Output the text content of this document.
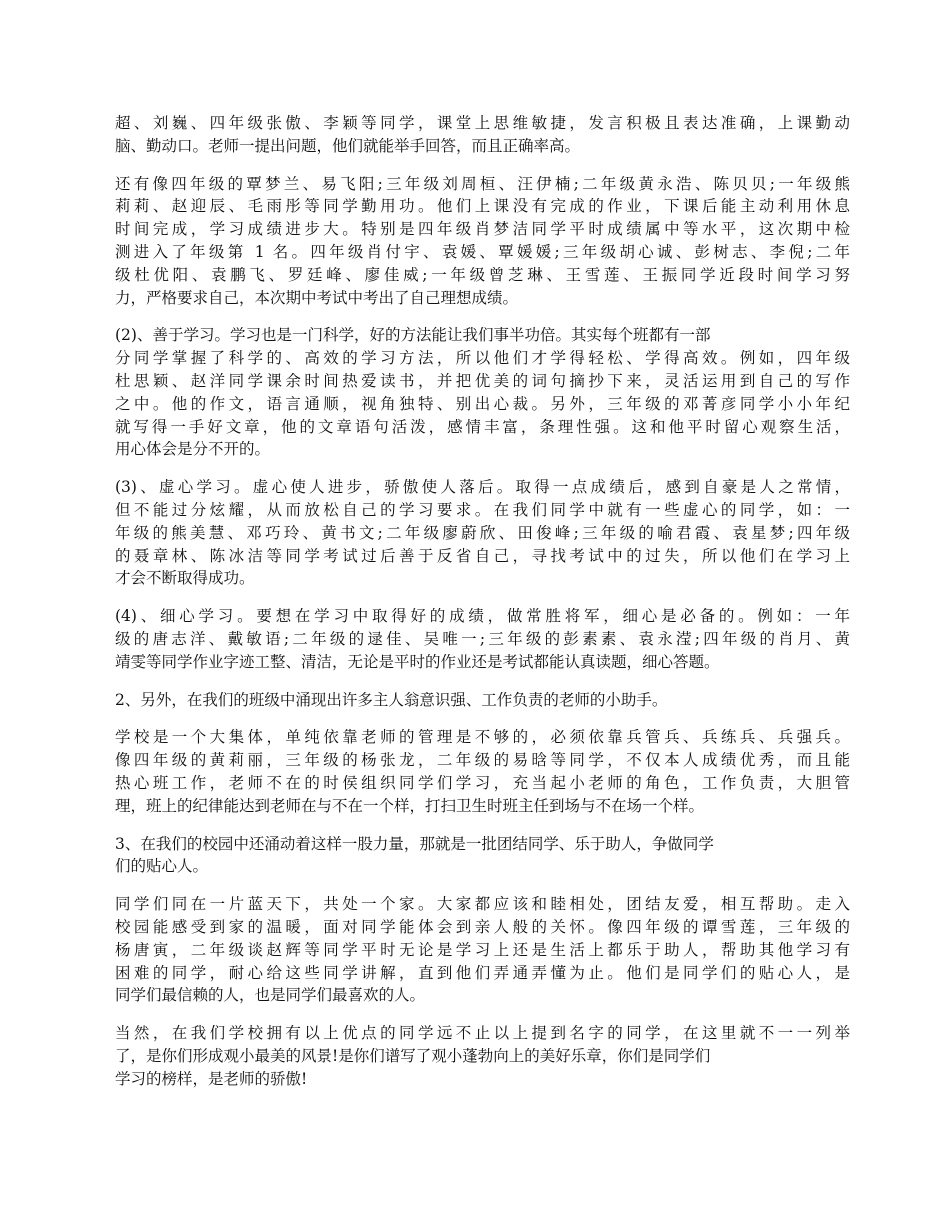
超、刘巍、四年级张傲、李颖等同学，课堂上思维敏捷，发言积极且表达准确，上课勤动
脑、勤动口。老师一提出问题，他们就能举手回答，而且正确率高。
还有像四年级的覃梦兰、易飞阳;三年级刘周桓、汪伊楠;二年级黄永浩、陈贝贝;一年级熊
莉莉、赵迎辰、毛雨彤等同学勤用功。他们上课没有完成的作业，下课后能主动利用休息
时间完成，学习成绩进步大。特别是四年级肖梦洁同学平时成绩属中等水平，这次期中检
测进入了年级第 1 名。四年级肖付宇、袁媛、覃媛媛;三年级胡心诚、彭树志、李倪;二年
级杜优阳、袁鹏飞、罗廷峰、廖佳威;一年级曾芝琳、王雪莲、王振同学近段时间学习努
力，严格要求自己，本次期中考试中考出了自己理想成绩。
(2)、善于学习。学习也是一门科学，好的方法能让我们事半功倍。其实每个班都有一部
分同学掌握了科学的、高效的学习方法，所以他们才学得轻松、学得高效。例如，四年级
杜思颖、赵洋同学课余时间热爱读书，并把优美的词句摘抄下来，灵活运用到自己的写作
之中。他的作文，语言通顺，视角独特、别出心裁。另外，三年级的邓菁彦同学小小年纪
就写得一手好文章，他的文章语句活泼，感情丰富，条理性强。这和他平时留心观察生活，
用心体会是分不开的。
(3)、虚心学习。虚心使人进步，骄傲使人落后。取得一点成绩后，感到自豪是人之常情，
但不能过分炫耀，从而放松自己的学习要求。在我们同学中就有一些虚心的同学，如：一
年级的熊美慧、邓巧玲、黄书文;二年级廖蔚欣、田俊峰;三年级的喻君霞、袁星梦;四年级
的聂章林、陈冰洁等同学考试过后善于反省自己，寻找考试中的过失，所以他们在学习上
才会不断取得成功。
(4)、细心学习。要想在学习中取得好的成绩，做常胜将军，细心是必备的。例如：一年
级的唐志洋、戴敏语;二年级的逯佳、吴唯一;三年级的彭素素、袁永滢;四年级的肖月、黄
靖雯等同学作业字迹工整、清洁，无论是平时的作业还是考试都能认真读题，细心答题。
2、另外，在我们的班级中涌现出许多主人翁意识强、工作负责的老师的小助手。
学校是一个大集体，单纯依靠老师的管理是不够的，必须依靠兵管兵、兵练兵、兵强兵。
像四年级的黄莉丽，三年级的杨张龙，二年级的易晗等同学，不仅本人成绩优秀，而且能
热心班工作，老师不在的时侯组织同学们学习，充当起小老师的角色，工作负责，大胆管
理，班上的纪律能达到老师在与不在一个样，打扫卫生时班主任到场与不在场一个样。
3、在我们的校园中还涌动着这样一股力量，那就是一批团结同学、乐于助人，争做同学
们的贴心人。
同学们同在一片蓝天下，共处一个家。大家都应该和睦相处，团结友爱，相互帮助。走入
校园能感受到家的温暖，面对同学能体会到亲人般的关怀。像四年级的谭雪莲，三年级的
杨唐寅，二年级谈赵辉等同学平时无论是学习上还是生活上都乐于助人，帮助其他学习有
困难的同学，耐心给这些同学讲解，直到他们弄通弄懂为止。他们是同学们的贴心人，是
同学们最信赖的人，也是同学们最喜欢的人。
当然，在我们学校拥有以上优点的同学远不止以上提到名字的同学，在这里就不一一列举
了，是你们形成观小最美的风景!是你们谱写了观小蓬勃向上的美好乐章，你们是同学们
学习的榜样，是老师的骄傲!
